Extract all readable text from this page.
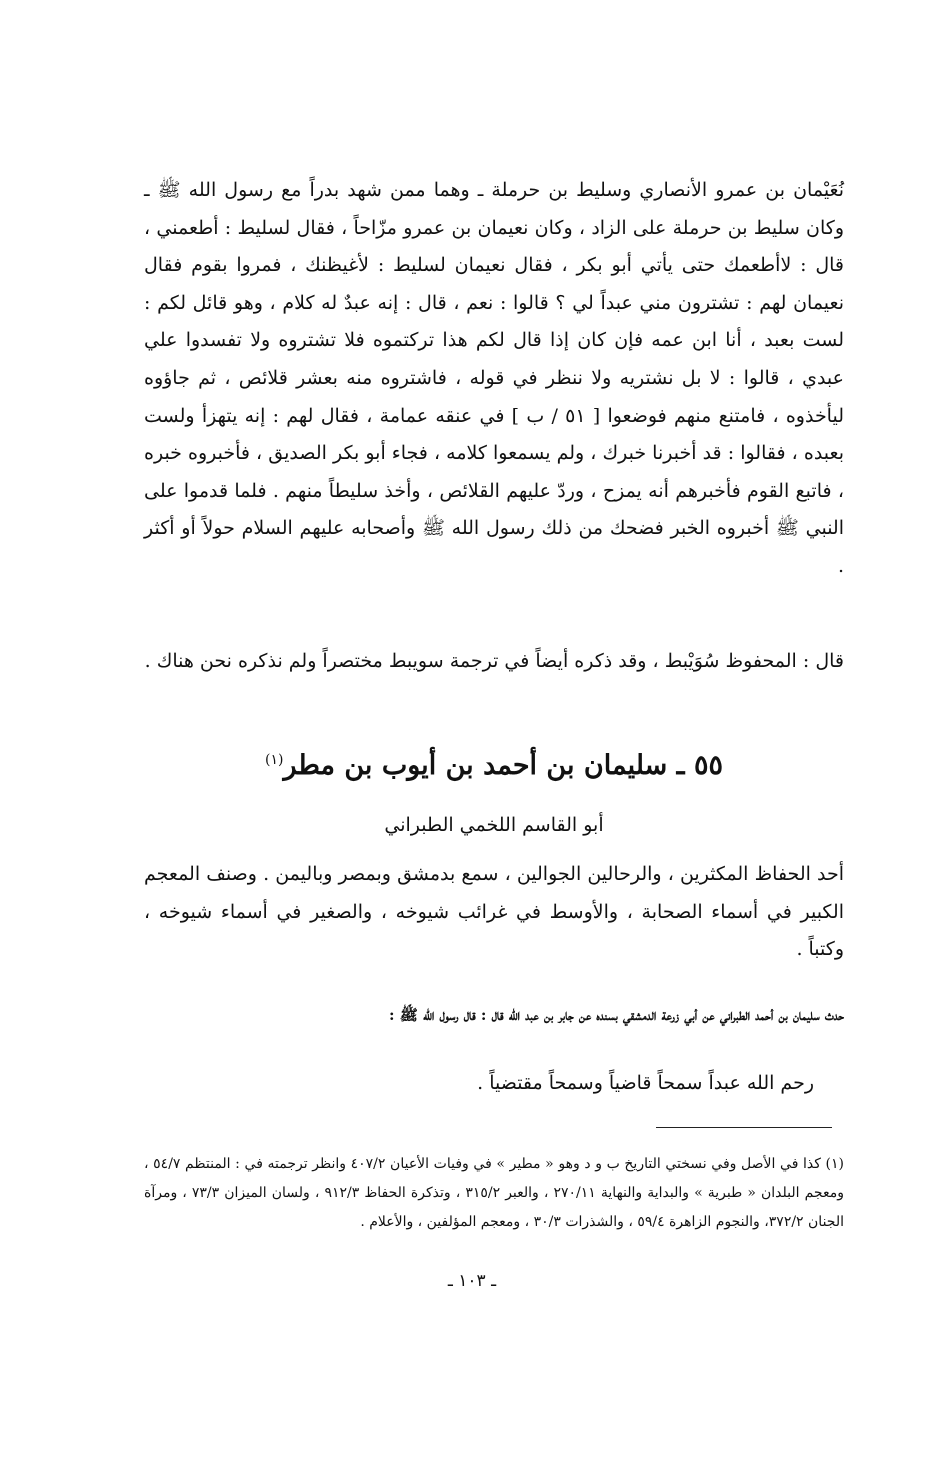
نُعَيْمان بن عمرو الأنصاري وسليط بن حرملة ـ وهما ممن شهد بدراً مع رسول الله ﷺ ـ وكان سليط بن حرملة على الزاد ، وكان نعيمان بن عمرو مزّاحاً ، فقال لسليط : أطعمني ، قال : لاأطعمك حتى يأتي أبو بكر ، فقال نعيمان لسليط : لأغيظنك ، فمروا بقوم فقال نعيمان لهم : تشترون مني عبداً لي ؟ قالوا : نعم ، قال : إنه عبدٌ له كلام ، وهو قائل لكم : لست بعبد ، أنا ابن عمه فإن كان إذا قال لكم هذا تركتموه فلا تشتروه ولا تفسدوا علي عبدي ، قالوا : لا بل نشتريه ولا ننظر في قوله ، فاشتروه منه بعشر قلائص ، ثم جاؤوه ليأخذوه ، فامتنع منهم فوضعوا [ ٥١ / ب ] في عنقه عمامة ، فقال لهم : إنه يتهزأ ولست بعبده ، فقالوا : قد أخبرنا خبرك ، ولم يسمعوا كلامه ، فجاء أبو بكر الصديق ، فأخبروه خبره ، فاتبع القوم فأخبرهم أنه يمزح ، وردّ عليهم القلائص ، وأخذ سليطاً منهم . فلما قدموا على النبي ﷺ أخبروه الخبر فضحك من ذلك رسول الله ﷺ وأصحابه عليهم السلام حولاً أو أكثر .

قال : المحفوظ سُوَيْبط ، وقد ذكره أيضاً في ترجمة سويبط مختصراً ولم نذكره نحن هناك .

٥٥ ـ سليمان بن أحمد بن أيوب بن مطر$^{(١)}$
أبو القاسم اللخمي الطبراني

أحد الحفاظ المكثرين ، والرحالين الجوالين ، سمع بدمشق وبمصر وباليمن . وصنف المعجم الكبير في أسماء الصحابة ، والأوسط في غرائب شيوخه ، والصغير في أسماء شيوخه ، وكتباً .

حدث سليمان بن أحمد الطبراني عن أبي زرعة الدمشقي بسنده عن جابر بن عبد الله قال : قال رسول الله ﷺ :

رحم الله عبداً سمحاً قاضياً وسمحاً مقتضياً .

(١) كذا في الأصل وفي نسختي التاريخ ب و د وهو « مطير » في وفيات الأعيان ٤٠٧/٢ وانظر ترجمته في : المنتظم ٥٤/٧ ، ومعجم البلدان « طبرية » والبداية والنهاية ٢٧٠/١١ ، والعبر ٣١٥/٢ ، وتذكرة الحفاظ ٩١٢/٣ ، ولسان الميزان ٧٣/٣ ، ومرآة الجنان ٣٧٢/٢، والنجوم الزاهرة ٥٩/٤ ، والشذرات ٣٠/٣ ، ومعجم المؤلفين ، والأعلام .

ـ ١٠٣ ـ
